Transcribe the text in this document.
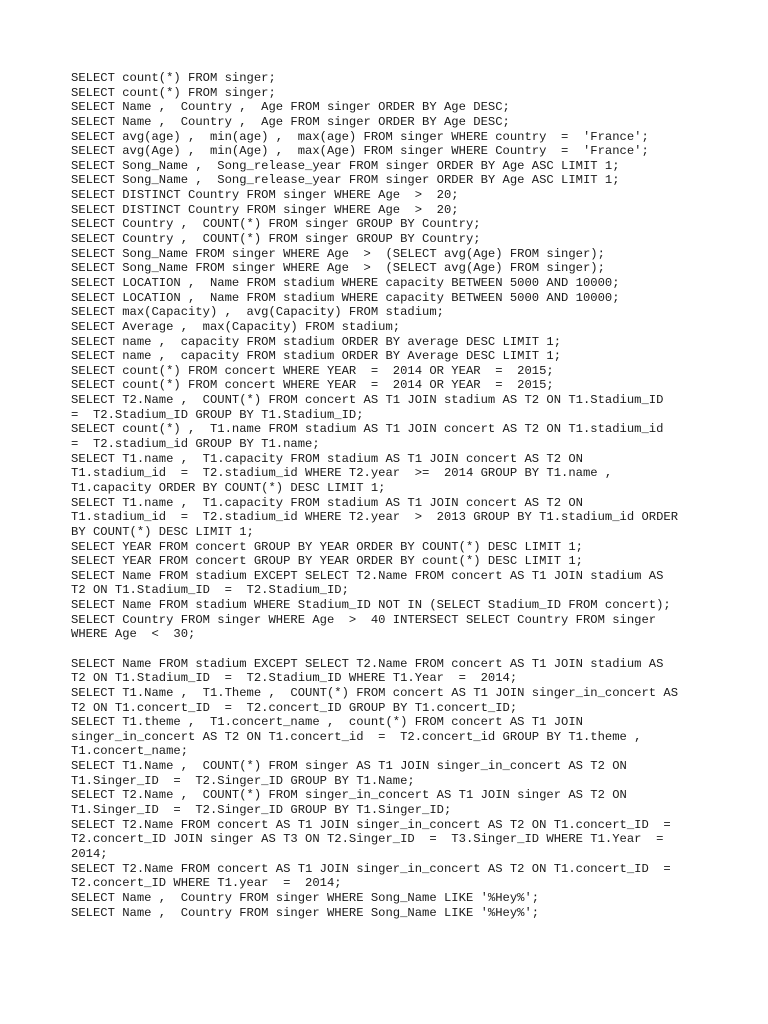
SELECT count(*) FROM singer;
SELECT count(*) FROM singer;
SELECT Name ,  Country ,  Age FROM singer ORDER BY Age DESC;
SELECT Name ,  Country ,  Age FROM singer ORDER BY Age DESC;
SELECT avg(age) ,  min(age) ,  max(age) FROM singer WHERE country  =  'France';
SELECT avg(Age) ,  min(Age) ,  max(Age) FROM singer WHERE Country  =  'France';
SELECT Song_Name ,  Song_release_year FROM singer ORDER BY Age ASC LIMIT 1;
SELECT Song_Name ,  Song_release_year FROM singer ORDER BY Age ASC LIMIT 1;
SELECT DISTINCT Country FROM singer WHERE Age  >  20;
SELECT DISTINCT Country FROM singer WHERE Age  >  20;
SELECT Country ,  COUNT(*) FROM singer GROUP BY Country;
SELECT Country ,  COUNT(*) FROM singer GROUP BY Country;
SELECT Song_Name FROM singer WHERE Age  >  (SELECT avg(Age) FROM singer);
SELECT Song_Name FROM singer WHERE Age  >  (SELECT avg(Age) FROM singer);
SELECT LOCATION ,  Name FROM stadium WHERE capacity BETWEEN 5000 AND 10000;
SELECT LOCATION ,  Name FROM stadium WHERE capacity BETWEEN 5000 AND 10000;
SELECT max(Capacity) ,  avg(Capacity) FROM stadium;
SELECT Average ,  max(Capacity) FROM stadium;
SELECT name ,  capacity FROM stadium ORDER BY average DESC LIMIT 1;
SELECT name ,  capacity FROM stadium ORDER BY Average DESC LIMIT 1;
SELECT count(*) FROM concert WHERE YEAR  =  2014 OR YEAR  =  2015;
SELECT count(*) FROM concert WHERE YEAR  =  2014 OR YEAR  =  2015;
SELECT T2.Name ,  COUNT(*) FROM concert AS T1 JOIN stadium AS T2 ON T1.Stadium_ID
=  T2.Stadium_ID GROUP BY T1.Stadium_ID;
SELECT count(*) ,  T1.name FROM stadium AS T1 JOIN concert AS T2 ON T1.stadium_id
=  T2.stadium_id GROUP BY T1.name;
SELECT T1.name ,  T1.capacity FROM stadium AS T1 JOIN concert AS T2 ON
T1.stadium_id  =  T2.stadium_id WHERE T2.year  >=  2014 GROUP BY T1.name ,
T1.capacity ORDER BY COUNT(*) DESC LIMIT 1;
SELECT T1.name ,  T1.capacity FROM stadium AS T1 JOIN concert AS T2 ON
T1.stadium_id  =  T2.stadium_id WHERE T2.year  >  2013 GROUP BY T1.stadium_id ORDER
BY COUNT(*) DESC LIMIT 1;
SELECT YEAR FROM concert GROUP BY YEAR ORDER BY COUNT(*) DESC LIMIT 1;
SELECT YEAR FROM concert GROUP BY YEAR ORDER BY count(*) DESC LIMIT 1;
SELECT Name FROM stadium EXCEPT SELECT T2.Name FROM concert AS T1 JOIN stadium AS
T2 ON T1.Stadium_ID  =  T2.Stadium_ID;
SELECT Name FROM stadium WHERE Stadium_ID NOT IN (SELECT Stadium_ID FROM concert);
SELECT Country FROM singer WHERE Age  >  40 INTERSECT SELECT Country FROM singer
WHERE Age  <  30;
SELECT Name FROM stadium EXCEPT SELECT T2.Name FROM concert AS T1 JOIN stadium AS
T2 ON T1.Stadium_ID  =  T2.Stadium_ID WHERE T1.Year  =  2014;
SELECT T1.Name ,  T1.Theme ,  COUNT(*) FROM concert AS T1 JOIN singer_in_concert AS
T2 ON T1.concert_ID  =  T2.concert_ID GROUP BY T1.concert_ID;
SELECT T1.theme ,  T1.concert_name ,  count(*) FROM concert AS T1 JOIN
singer_in_concert AS T2 ON T1.concert_id  =  T2.concert_id GROUP BY T1.theme ,
T1.concert_name;
SELECT T1.Name ,  COUNT(*) FROM singer AS T1 JOIN singer_in_concert AS T2 ON
T1.Singer_ID  =  T2.Singer_ID GROUP BY T1.Name;
SELECT T2.Name ,  COUNT(*) FROM singer_in_concert AS T1 JOIN singer AS T2 ON
T1.Singer_ID  =  T2.Singer_ID GROUP BY T1.Singer_ID;
SELECT T2.Name FROM concert AS T1 JOIN singer_in_concert AS T2 ON T1.concert_ID  =
T2.concert_ID JOIN singer AS T3 ON T2.Singer_ID  =  T3.Singer_ID WHERE T1.Year  =
2014;
SELECT T2.Name FROM concert AS T1 JOIN singer_in_concert AS T2 ON T1.concert_ID  =
T2.concert_ID WHERE T1.year  =  2014;
SELECT Name ,  Country FROM singer WHERE Song_Name LIKE '%Hey%';
SELECT Name ,  Country FROM singer WHERE Song_Name LIKE '%Hey%';
